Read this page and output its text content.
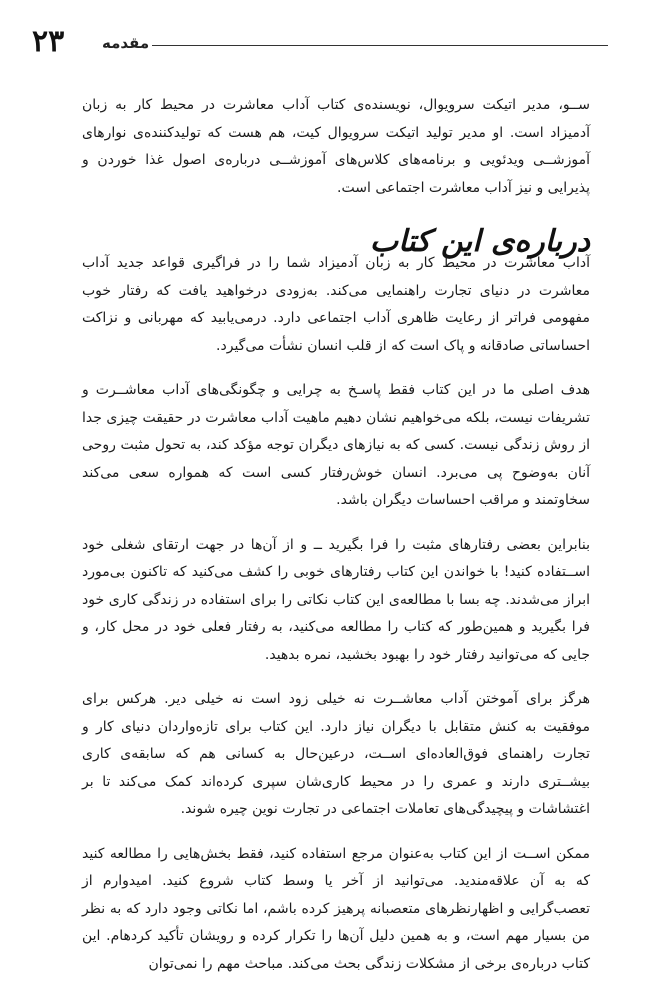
۲۳	مقدمه
درباره‌ی این کتاب

ســو، مدیر اتیکت سرویوال، نویسنده‌ی کتاب آداب معاشرت در محیط کار به زبان آدمیزاد است. او مدیر تولید اتیکت سرویوال کیت، هم هست که تولیدکننده‌ی نوارهای آموزشــی ویدئویی و برنامه‌های کلاس‌های آموزشــی درباره‌ی اصول غذا خوردن و پذیرایی و نیز آداب معاشرت اجتماعی است.

آداب معاشرت در محیط کار به زبان آدمیزاد شما را در فراگیری قواعد جدید آداب معاشرت در دنیای تجارت راهنمایی می‌کند. به‌زودی درخواهید یافت که رفتار خوب مفهومی فراتر از رعایت ظاهری آداب اجتماعی دارد. درمی‌یابید که مهربانی و نزاکت احساساتی صادقانه و پاک است که از قلب انسان نشأت می‌گیرد.

هدف اصلی ما در این کتاب فقط پاسـخ به چرایی و چگونگی‌های آداب معاشــرت و تشریفات نیست، بلکه می‌خواهیم نشان دهیم ماهیت آداب معاشرت در حقیقت چیزی جدا از روش زندگی نیست. کسی که به نیازهای دیگران توجه مؤکد کند، به تحول مثبت روحی آنان به‌وضوح پی می‌برد. انسان خوش‌رفتار کسی است که همواره سعی می‌کند سخاوتمند و مراقب احساسات دیگران باشد.

بنابراین بعضی رفتارهای مثبت را فرا بگیرید ــ و از آن‌ها در جهت ارتقای شغلی خود اســتفاده کنید! با خواندن این کتاب رفتارهای خوبی را کشف می‌کنید که تاکنون بی‌مورد ابراز می‌شدند. چه بسا با مطالعه‌ی این کتاب نکاتی را برای استفاده در زندگی کاری خود فرا بگیرید و همین‌طور که کتاب را مطالعه می‌کنید، به رفتار فعلی خود در محل کار، و جایی که می‌توانید رفتار خود را بهبود بخشید، نمره بدهید.

هرگز برای آموختن آداب معاشــرت نه خیلی زود است نه خیلی دیر. هرکس برای موفقیت به کنش متقابل با دیگران نیاز دارد. این کتاب برای تازه‌واردان دنیای کار و تجارت راهنمای فوق‌العاده‌ای اســت، درعین‌حال به کسانی هم که سابقه‌ی کاری بیشــتری دارند و عمری را در محیط کاری‌شان سپری کرده‌اند کمک می‌کند تا بر اغتشاشات و پیچیدگی‌های تعاملات اجتماعی در تجارت نوین چیره شوند.

ممکن اســت از این کتاب به‌عنوان مرجع استفاده کنید، فقط بخش‌هایی را مطالعه کنید که به آن علاقه‌مندید. می‌توانید از آخر یا وسط کتاب شروع کنید. امیدوارم از تعصب‌گرایی و اظهارنظرهای متعصبانه پرهیز کرده باشم، اما نکاتی وجود دارد که به نظر من بسیار مهم است، و به همین دلیل آن‌ها را تکرار کرده و رویشان تأکید کردهام. این کتاب درباره‌ی برخی از مشکلات زندگی بحث می‌کند. مباحث مهم را نمی‌توان
